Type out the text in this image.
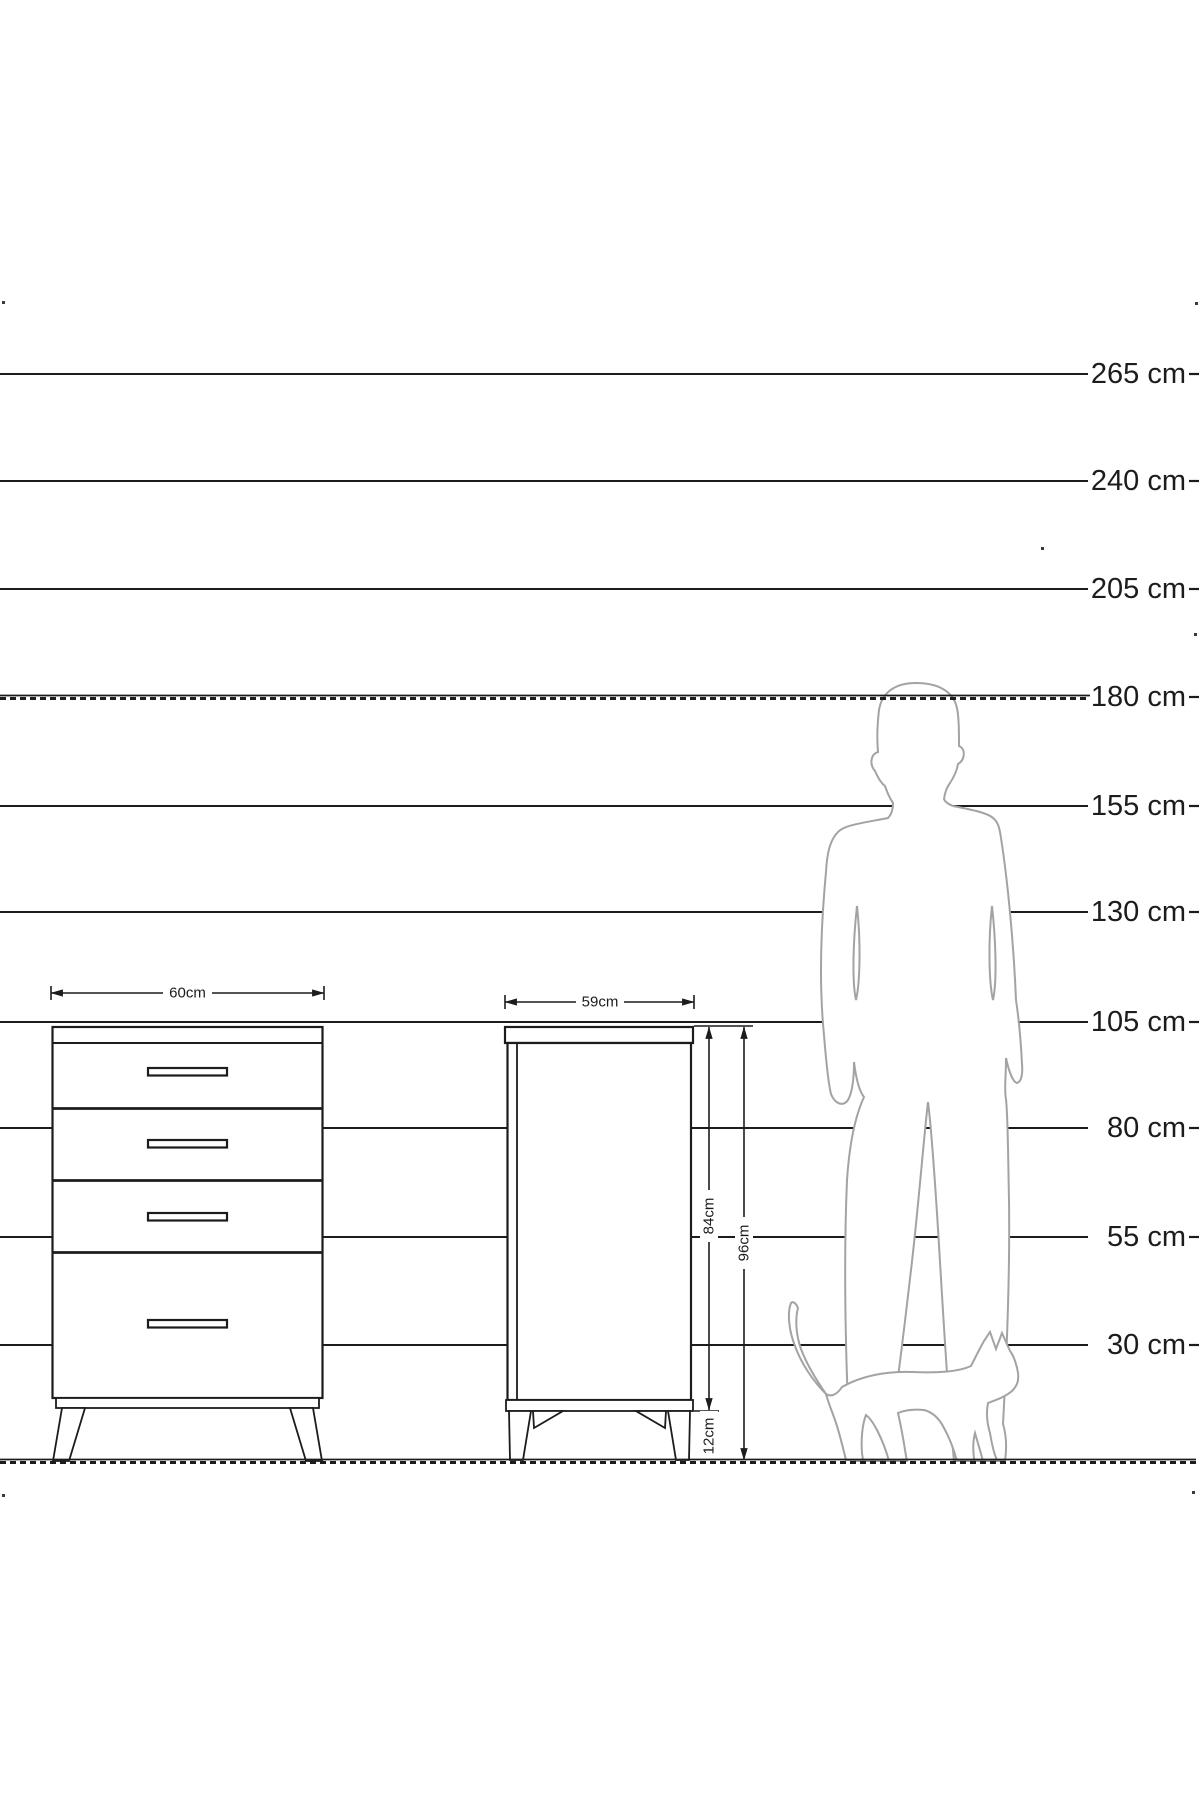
265 cm
240 cm
205 cm
180 cm
155 cm
130 cm
105 cm
80 cm
55 cm
30 cm
60cm
59cm
84cm
96cm
12cm
